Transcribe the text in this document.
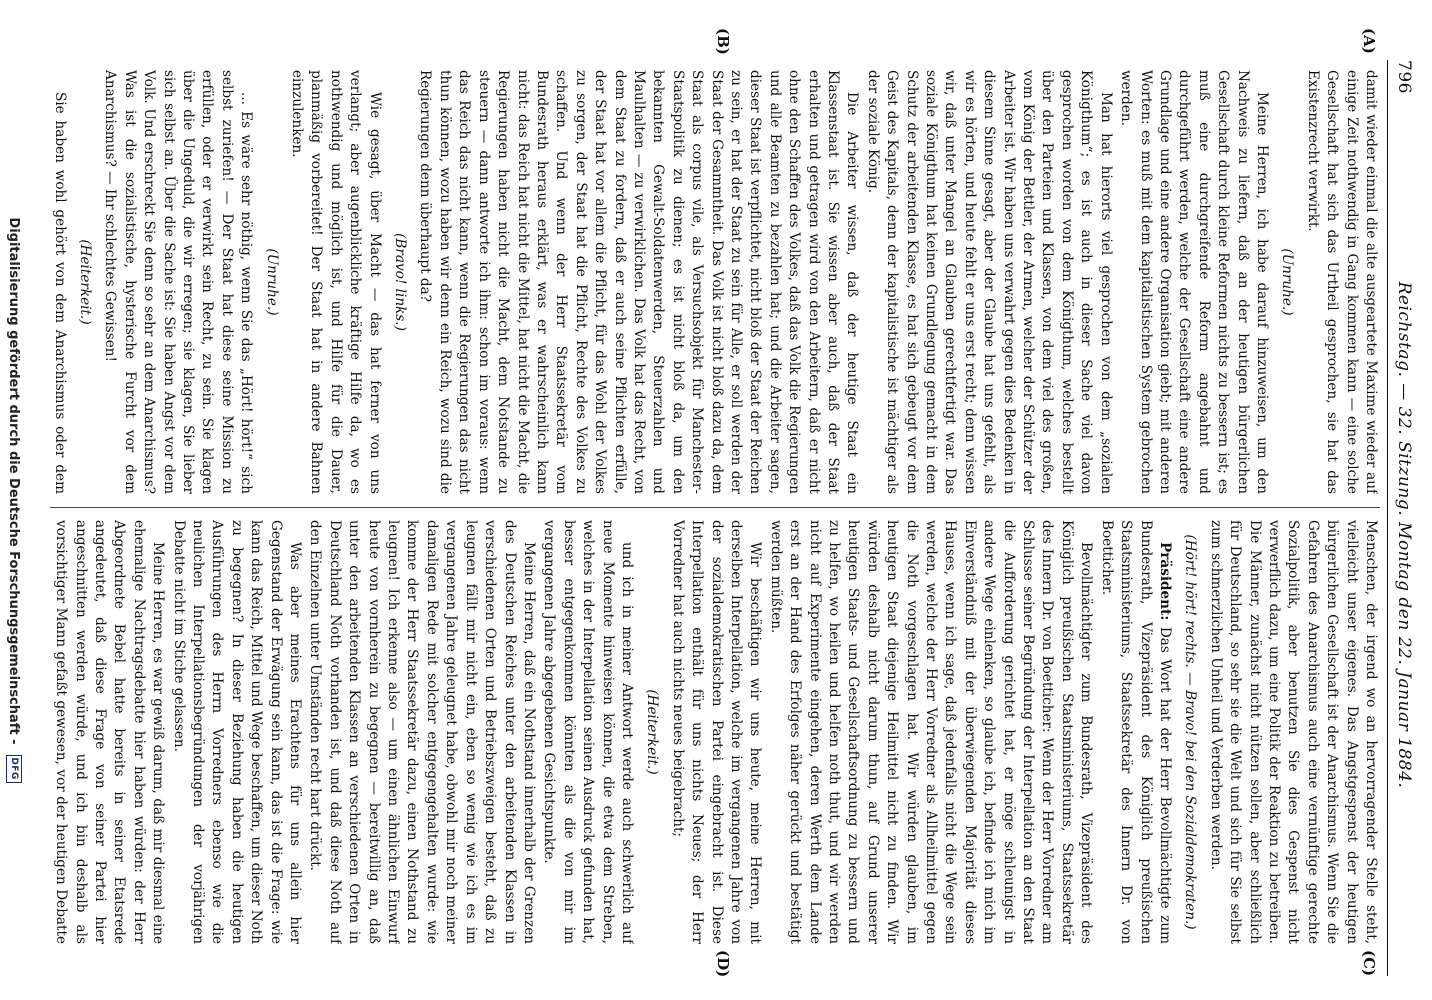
796
Reichstag. — 32. Sitzung. Montag den 22. Januar 1884.
(A)
(B)
(C)
(D)

damit wieder einmal die alte ausgeartete Maxime wieder auf einige Zeit nothwendig in Gang kommen kann — eine solche Gesellschaft hat sich das Urtheil gesprochen, sie hat das Existenzrecht verwirkt.

(Unruhe.)

Meine Herren, ich habe darauf hinzuweisen, um den Nachweis zu liefern, daß an der heutigen bürgerlichen Gesellschaft durch kleine Reformen nichts zu bessern ist; es muß eine durchgreifende Reform angebahnt und durchgeführt werden, welche der Gesellschaft eine andere Grundlage und eine andere Organisation giebt; mit anderen Worten: es muß mit dem kapitalistischen System gebrochen werden.

Man hat hierorts viel gesprochen von dem „sozialen Königthum“; es ist auch in dieser Sache viel davon gesprochen worden von dem Königthum, welches bestellt über den Parteien und Klassen, von dem viel des großen, vom König der Bettler, der Armen, welcher der Schützer der Arbeiter ist. Wir haben uns verwahrt gegen dies Bedenken in diesem Sinne gesagt, aber der Glaube hat uns gefehlt, als wir es hörten, und heute fehlt er uns erst recht; denn wissen wir, daß unter Mangel an Glauben gerechtfertigt war. Das soziale Königthum hat keinen Grundlegung gemacht in dem Schutz der arbeitenden Klasse, es hat sich gebeugt vor dem Geist des Kapitals, denn der kapitalistische ist mächtiger als der soziale König.

Die Arbeiter wissen, daß der heutige Staat ein Klassenstaat ist. Sie wissen aber auch, daß der Staat erhalten und getragen wird von den Arbeitern, daß er nicht ohne den Schaffen des Volkes, daß das Volk die Regierungen und alle Beamten zu bezahlen hat; und die Arbeiter sagen, dieser Staat ist verpflichtet, nicht bloß der Staat der Reichen zu sein, er hat der Staat zu sein für Alle, er soll werden der Staat der Gesammtheit. Das Volk ist nicht bloß dazu da, dem Staat als corpus vile, als Versuchsobjekt für Manchester-Staatspolitik zu dienen; es ist nicht bloß da, um den bekannten Gewalt-Soldatenwerden, Steuerzahlen und Maulhalten — zu verwirklichen. Das Volk hat das Recht, von dem Staat zu fordern, daß er auch seine Pflichten erfülle, der Staat hat vor allem die Pflicht, für das Wohl der Volkes zu sorgen, der Staat hat die Pflicht, Rechte des Volkes zu schaffen. Und wenn der Herr Staatssekretär vom Bundesrath heraus erklärt, was er wahrscheinlich kann nicht: das Reich hat nicht die Mittel, hat nicht die Macht, die Regierungen haben nicht die Macht, dem Notstande zu steuern — dann antworte ich ihm: schon im voraus: wenn das Reich das nicht kann, wenn die Regierungen das nicht thun können, wozu haben wir denn ein Reich, wozu sind die Regierungen denn überhaupt da?

(Bravo! links.)

Wie gesagt, über Macht — das hat ferner von uns verlangt; aber augenblickliche kräftige Hilfe da, wo es nothwendig und möglich ist, und Hilfe für die Dauer, planmäßig vorbereitet! Der Staat hat in andere Bahnen einzulenken.

(Unruhe.)

... Es wäre sehr nöthig, wenn Sie das „Hört! hört!“ sich selbst zuriefen! — Der Staat hat diese seine Mission zu erfüllen, oder er verwirkt sein Recht, zu sein. Sie klagen über die Ungeduld, die wir erregen; sie klagen, Sie lieber sich selbst an. Über die Sache ist: Sie haben Angst vor dem Volk. Und erschreckt Sie denn so sehr an dem Anarchismus? Was ist die sozialistische, hysterische Furcht vor dem Anarchismus? — Ihr schlechtes Gewissen!

(Heiterkeit.)

Sie haben wohl gehört von dem Anarchismus oder dem

Menschen, der irgend wo an hervorragender Stelle steht, vielleicht unser eigenes. Das Angstgespenst der heutigen bürgerlichen Gesellschaft ist der Anarchismus. Wenn Sie die Gefahren des Anarchismus auch eine vernünftige gerechte Sozialpolitik, aber benutzen Sie dies Gespenst nicht verwerflich dazu, um eine Politik der Reaktion zu betreiben. Die Männer, zunächst nicht nützen sollen, aber schließlich für Deutschland, so sehr sie die Welt und sich für Sie selbst zum schmerzlichen Unheil und Verderben werden.

(Hört! hört! rechts. — Bravo! bei den Sozialdemokraten.)

Präsident: Das Wort hat der Herr Bevollmächtigte zum Bundesrath, Vizepräsident des Königlich preußischen Staatsministeriums, Staatssekretär des Innern Dr. von Boetticher.

Bevollmächtigter zum Bundesrath, Vizepräsident des Königlich preußischen Staatsministeriums, Staatssekretär des Innern Dr. von Boetticher: Wenn der Herr Vorredner am Schlusse seiner Begründung der Interpellation an den Staat die Aufforderung gerichtet hat, er möge schleunigst in andere Wege einlenken, so glaube ich, befinde ich mich im Einverständniß mit der überwiegenden Majorität dieses Hauses, wenn ich sage, daß jedenfalls nicht die Wege sein werden, welche der Herr Vorredner als Allheilmittel gegen die Noth vorgeschlagen hat. Wir würden glauben, im heutigen Staat diejenige Heilmittel nicht zu finden. Wir würden deshalb nicht darum thun, auf Grund unserer heutigen Staats- und Gesellschaftsordnung zu bessern und zu helfen, wo heilen und helfen noth thut, und wir werden nicht auf Experimente eingehen, deren Werth dem Lande erst an der Hand des Erfolges näher gerückt und bestätigt werden müßten.

Wir beschäftigen wir uns heute, meine Herren, mit derselben Interpellation, welche im vergangenen Jahre von der sozialdemokratischen Partei eingebracht ist. Diese Interpellation enthält für uns nichts Neues; der Herr Vorredner hat auch nichts neues beigebracht;

(Heiterkeit.)

und ich in meiner Antwort werde auch schwerlich auf neue Momente hinweisen können, die etwa dem Streben, welches in der Interpellation seinen Ausdruck gefunden hat, besser entgegenkommen könnten als die von mir im vergangenen Jahre abgegebenen Gesichtspunkte.

Meine Herren, daß ein Nothstand innerhalb der Grenzen des Deutschen Reiches unter den arbeitenden Klassen in verschiedenen Orten und Betriebszweigen besteht, daß zu leugnen fällt mir nicht ein, eben so wenig wie ich es im vergangenen Jahre geleugnet habe, obwohl mir noch meiner damaligen Rede mit solcher entgegengehalten wurde: wie komme der Herr Staatssekretär dazu, einen Nothstand zu leugnen! Ich erkenne also — um einen ähnlichen Einwurf heute von vornherein zu begegnen — bereitwillig an, daß unter den arbeitenden Klassen an verschiedenen Orten in Deutschland Noth vorhanden ist, und daß diese Noth auf den Einzelnen unter Umständen recht hart drückt.

Was aber meines Erachtens für uns allein hier Gegenstand der Erwägung sein kann, das ist die Frage: wie kann das Reich, Mittel und Wege beschaffen, um dieser Noth zu begegnen? In dieser Beziehung haben die heutigen Ausführungen des Herrn Vorredners ebenso wie die neulichen Interpellationsbegründungen der vorjährigen Debatte nicht im Stiche gelassen.

Meine Herren, es war gewiß darum, daß mir diesmal eine ehemalige Nachtragsdebatte hier haben würden: der Herr Abgeordnete Bebel hatte bereits in seiner Etatsrede angedeutet, daß diese Frage von seiner Partei hier angeschnitten werden würde, und ich bin deshalb als vorsichtiger Mann gefaßt gewesen, vor der heutigen Debatte

Digitalisierung gefördert durch die Deutsche Forschungsgemeinschaft -
DFG
